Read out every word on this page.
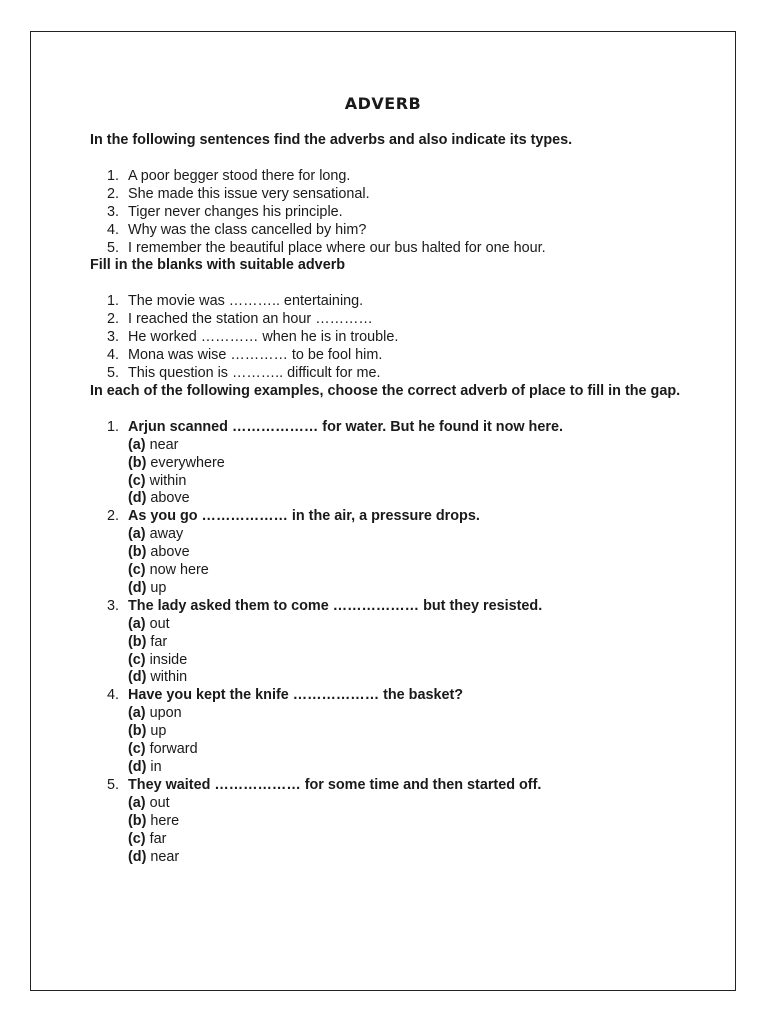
ADVERB

In the following sentences find the adverbs and also indicate its types.

1. A poor begger stood there for long.
2. She made this issue very sensational.
3. Tiger never changes his principle.
4. Why was the class cancelled by him?
5. I remember the beautiful place where our bus halted for one hour.

Fill in the blanks with suitable adverb

1. The movie was ……….. entertaining.
2. I reached the station an hour …………
3. He worked ………… when he is in trouble.
4. Mona was wise ………… to be fool him.
5. This question is ……….. difficult for me.

In each of the following examples, choose the correct adverb of place to fill in the gap.

1. Arjun scanned ……………… for water. But he found it now here.
(a) near
(b) everywhere
(c) within
(d) above
2. As you go ……………… in the air, a pressure drops.
(a) away
(b) above
(c) now here
(d) up
3. The lady asked them to come ……………… but they resisted.
(a) out
(b) far
(c) inside
(d) within
4. Have you kept the knife ……………… the basket?
(a) upon
(b) up
(c) forward
(d) in
5. They waited ……………… for some time and then started off.
(a) out
(b) here
(c) far
(d) near
